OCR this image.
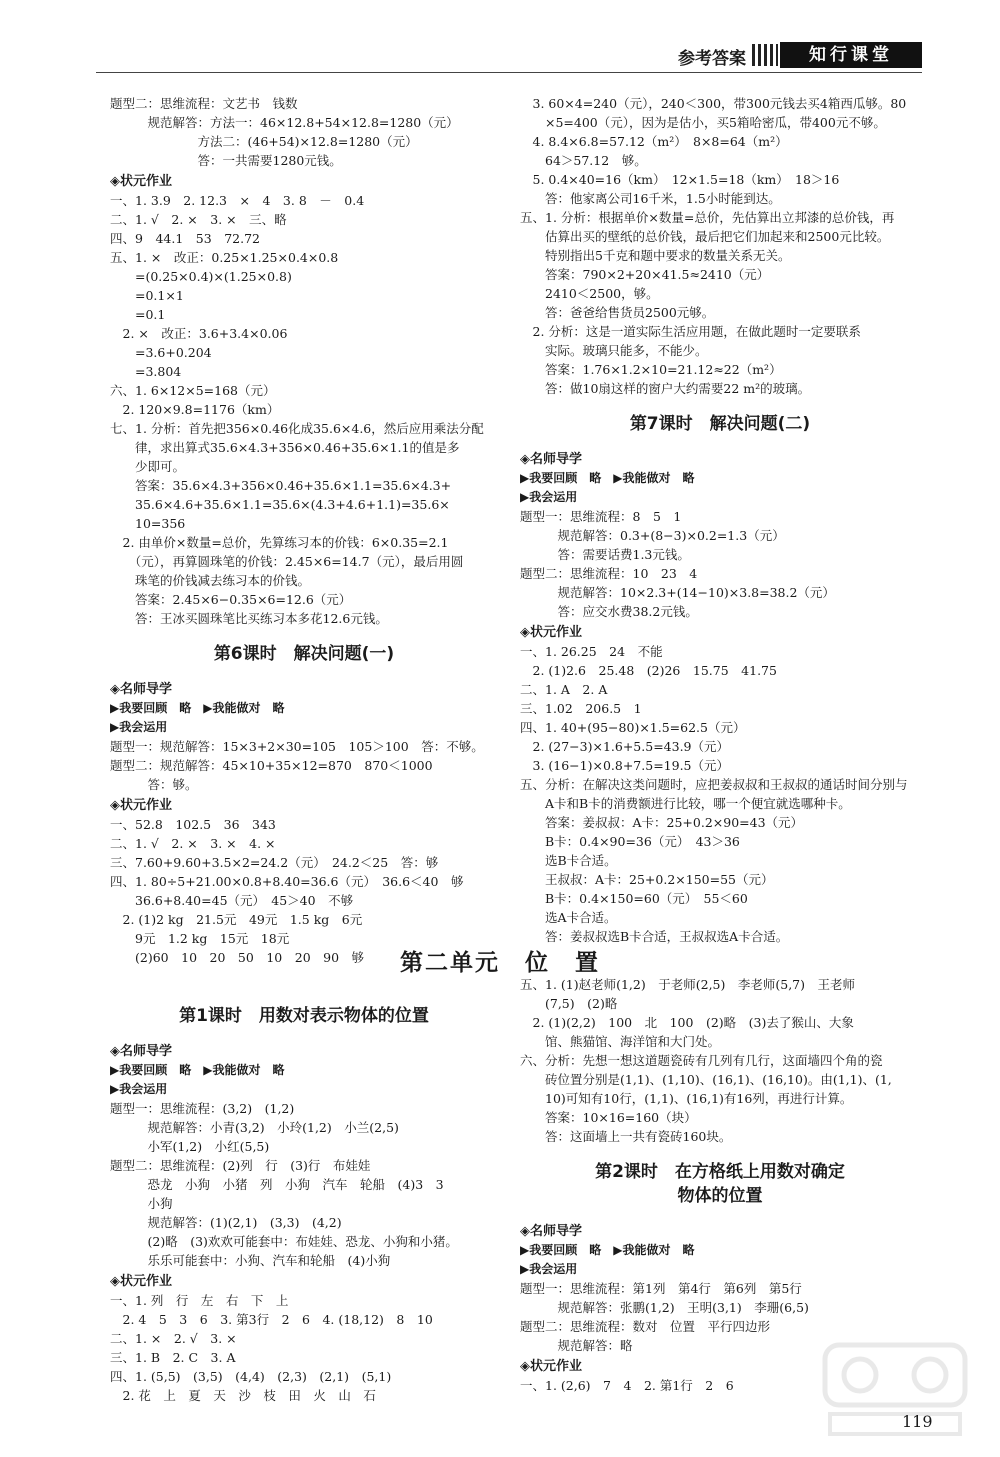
参考答案	知行课堂
题型二：思维流程：文艺书　钱数
　　　规范解答：方法一：46×12.8+54×12.8=1280（元）
　　　　　　　方法二：(46+54)×12.8=1280（元）
　　　　　　　答：一共需要1280元钱。
◈状元作业
一、1. 3.9　2. 12.3　×　4　3. 8　－　0.4
二、1. √　2. ×　3. ×　三、略
四、9　44.1　53　72.72
五、1. ×　改正：0.25×1.25×0.4×0.8
　　=(0.25×0.4)×(1.25×0.8)
　　=0.1×1
　　=0.1
　2. ×　改正：3.6+3.4×0.06
　　=3.6+0.204
　　=3.804
六、1. 6×12×5=168（元）
　2. 120×9.8=1176（km）
七、1. 分析：首先把356×0.46化成35.6×4.6，然后应用乘法分配
　　律，求出算式35.6×4.3+356×0.46+35.6×1.1的值是多
　　少即可。
　　答案：35.6×4.3+356×0.46+35.6×1.1=35.6×4.3+
　　35.6×4.6+35.6×1.1=35.6×(4.3+4.6+1.1)=35.6×
　　10=356
　2. 由单价×数量=总价，先算练习本的价钱：6×0.35=2.1
　　（元），再算圆珠笔的价钱：2.45×6=14.7（元），最后用圆
　　珠笔的价钱减去练习本的价钱。
　　答案：2.45×6−0.35×6=12.6（元）
　　答：王冰买圆珠笔比买练习本多花12.6元钱。
第6课时　解决问题(一)
◈名师导学
▶我要回顾　略　▶我能做对　略
▶我会运用
题型一：规范解答：15×3+2×30=105　105＞100　答：不够。
题型二：规范解答：45×10+35×12=870　870＜1000
　　　答：够。
◈状元作业
一、52.8　102.5　36　343
二、1. √　2. ×　3. ×　4. ×
三、7.60+9.60+3.5×2=24.2（元）　24.2＜25　答：够
四、1. 80÷5+21.00×0.8+8.40=36.6（元）　36.6＜40　够
　　36.6+8.40=45（元）　45＞40　不够
　2. (1)2 kg　21.5元　49元　1.5 kg　6元
　　9元　1.2 kg　15元　18元
　　(2)60　10　20　50　10　20　90　够
　3. 60×4=240（元），240＜300，带300元钱去买4箱西瓜够。80
　　×5=400（元），因为是估小，买5箱哈密瓜，带400元不够。
　4. 8.4×6.8=57.12（m²）　8×8=64（m²）
　　64＞57.12　够。
　5. 0.4×40=16（km）　12×1.5=18（km）　18＞16
　　答：他家离公司16千米，1.5小时能到达。
五、1. 分析：根据单价×数量=总价，先估算出立邦漆的总价钱，再
　　估算出买的壁纸的总价钱，最后把它们加起来和2500元比较。
　　特别指出5千克和题中要求的数量关系无关。
　　答案：790×2+20×41.5≈2410（元）
　　2410＜2500，够。
　　答：爸爸给售货员2500元够。
　2. 分析：这是一道实际生活应用题，在做此题时一定要联系
　　实际。玻璃只能多，不能少。
　　答案：1.76×1.2×10=21.12≈22（m²）
　　答：做10扇这样的窗户大约需要22 m²的玻璃。
第7课时　解决问题(二)
◈名师导学
▶我要回顾　略　▶我能做对　略
▶我会运用
题型一：思维流程：8　5　1
　　　规范解答：0.3+(8−3)×0.2=1.3（元）
　　　答：需要话费1.3元钱。
题型二：思维流程：10　23　4
　　　规范解答：10×2.3+(14−10)×3.8=38.2（元）
　　　答：应交水费38.2元钱。
◈状元作业
一、1. 26.25　24　不能
　2. (1)2.6　25.48　(2)26　15.75　41.75
二、1. A　2. A
三、1.02　206.5　1
四、1. 40+(95−80)×1.5=62.5（元）
　2. (27−3)×1.6+5.5=43.9（元）
　3. (16−1)×0.8+7.5=19.5（元）
五、分析：在解决这类问题时，应把姜叔叔和王叔叔的通话时间分别与
　　A卡和B卡的消费额进行比较，哪一个便宜就选哪种卡。
　　答案：姜叔叔：A卡：25+0.2×90=43（元）
　　B卡：0.4×90=36（元）　43＞36
　　选B卡合适。
　　王叔叔：A卡：25+0.2×150=55（元）
　　B卡：0.4×150=60（元）　55＜60
　　选A卡合适。
　　答：姜叔叔选B卡合适，王叔叔选A卡合适。
第二单元　位　置
第1课时　用数对表示物体的位置
◈名师导学
▶我要回顾　略　▶我能做对　略
▶我会运用
题型一：思维流程：(3,2)　(1,2)
　　　规范解答：小青(3,2)　小玲(1,2)　小兰(2,5)
　　　小军(1,2)　小红(5,5)
题型二：思维流程：(2)列　行　(3)行　布娃娃
　　　恐龙　小狗　小猪　列　小狗　汽车　轮船　(4)3　3
　　　小狗
　　　规范解答：(1)(2,1)　(3,3)　(4,2)
　　　(2)略　(3)欢欢可能套中：布娃娃、恐龙、小狗和小猪。
　　　乐乐可能套中：小狗、汽车和轮船　(4)小狗
◈状元作业
一、1. 列　行　左　右　下　上
　2. 4　5　3　6　3. 第3行　2　6　4. (18,12)　8　10
二、1. ×　2. √　3. ×
三、1. B　2. C　3. A
四、1. (5,5)　(3,5)　(4,4)　(2,3)　(2,1)　(5,1)
　2. 花　上　夏　天　沙　枝　田　火　山　石
五、1. (1)赵老师(1,2)　于老师(2,5)　李老师(5,7)　王老师
　　(7,5)　(2)略
　2. (1)(2,2)　100　北　100　(2)略　(3)去了猴山、大象
　　馆、熊猫馆、海洋馆和大门处。
六、分析：先想一想这道题瓷砖有几列有几行，这面墙四个角的瓷
　　砖位置分别是(1,1)、(1,10)、(16,1)、(16,10)。由(1,1)、(1,
　　10)可知有10行，(1,1)、(16,1)有16列，再进行计算。
　　答案：10×16=160（块）
　　答：这面墙上一共有瓷砖160块。
第2课时　在方格纸上用数对确定
物体的位置
◈名师导学
▶我要回顾　略　▶我能做对　略
▶我会运用
题型一：思维流程：第1列　第4行　第6列　第5行
　　　规范解答：张鹏(1,2)　王明(3,1)　李珊(6,5)
题型二：思维流程：数对　位置　平行四边形
　　　规范解答：略
◈状元作业
一、1. (2,6)　7　4　2. 第1行　2　6
119
